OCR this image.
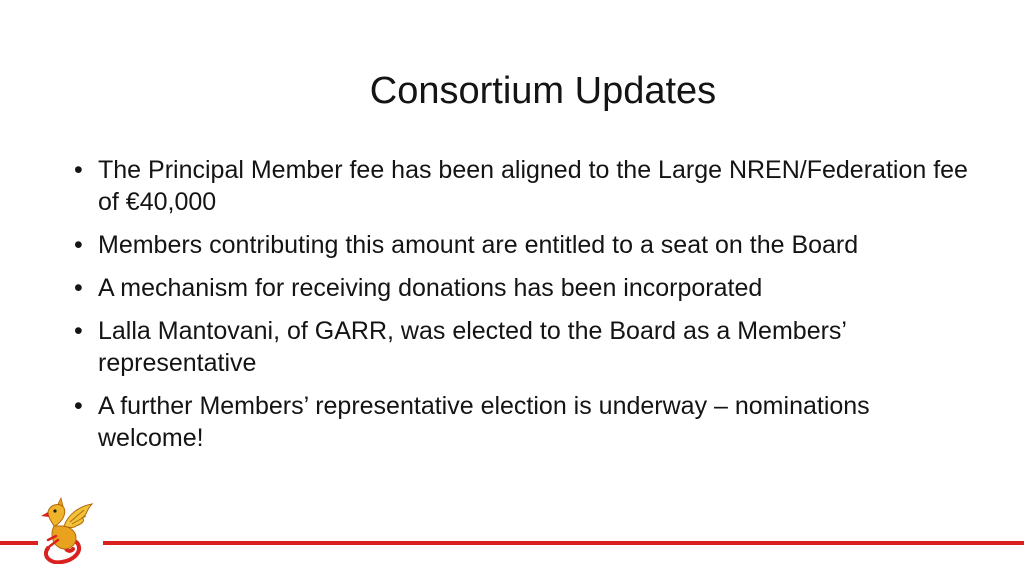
Consortium Updates
• The Principal Member fee has been aligned to the Large NREN/Federation fee of €40,000
• Members contributing this amount are entitled to a seat on the Board
• A mechanism for receiving donations has been incorporated
• Lalla Mantovani, of GARR, was elected to the Board as a Members’ representative
• A further Members’ representative election is underway – nominations welcome!
